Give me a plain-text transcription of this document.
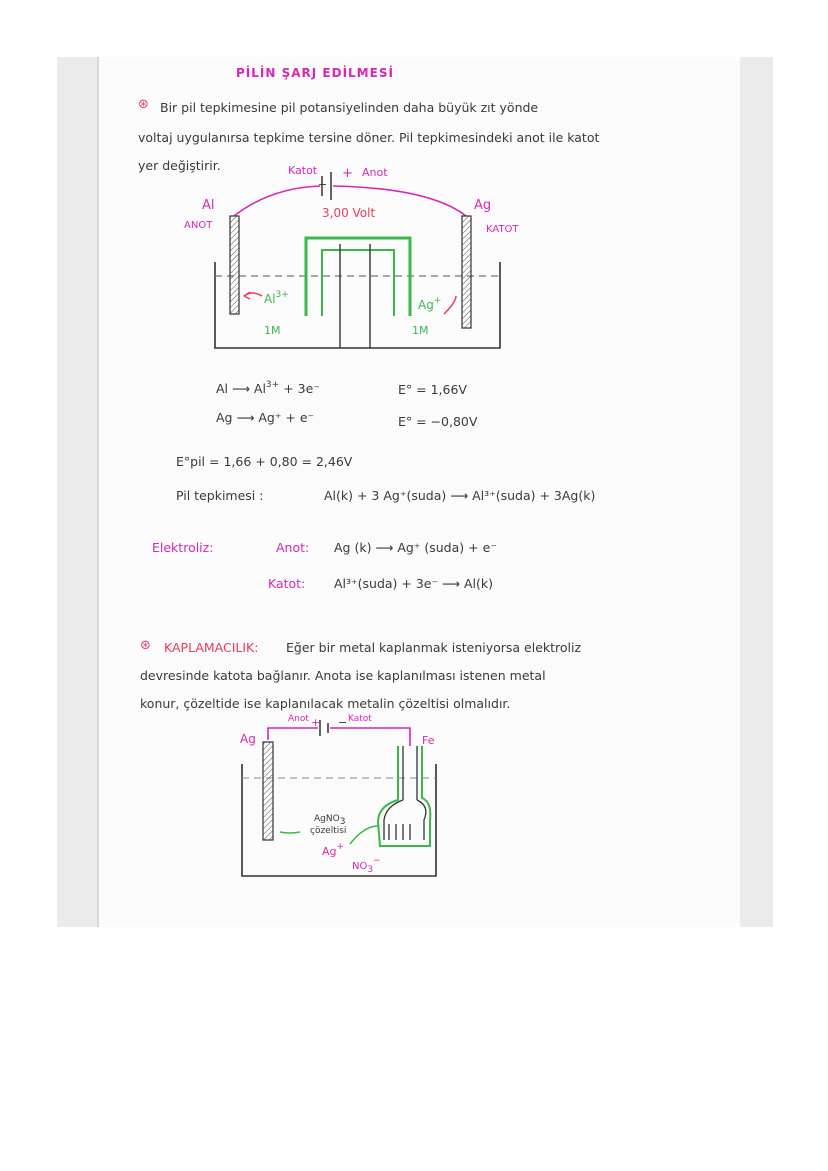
PİLİN ŞARJ EDİLMESİ
⊛ Bir pil tepkimesine pil potansiyelinden daha büyük zıt yönde
voltaj uygulanırsa tepkime tersine döner. Pil tepkimesindeki anot ile katot
yer değiştirir.	Katot
−
+ Anot
3,00 Volt
Al
ANOT
Ag
KATOT
$Al^{3+}$
Ag+
1M	1M
Al ⟶ $Al^{3+} + 3e^-$	E° = 1,66V
Ag ⟶ Ag⁺ + e⁻	E° = −0,80V
E°pil = 1,66 + 0,80 = 2,46V
Pil tepkimesi :	Al(k) + 3 Ag⁺(suda) ⟶ Al³⁺(suda) + 3Ag(k)
Elektroliz:	Anot: Ag (k) ⟶ Ag⁺ (suda) + e⁻
Katot: Al³⁺(suda) + 3e⁻ ⟶ Al(k)
⊛ KAPLAMACILIK: Eğer bir metal kaplanmak isteniyorsa elektroliz
devresinde katota bağlanır. Anota ise kaplanılması istenen metal
konur, çözeltide ise kaplanılacak metalin çözeltisi olmalıdır.
Anot + − Katot
Ag	Fe
AgNO3
çözeltisi
Ag+
NO3−
